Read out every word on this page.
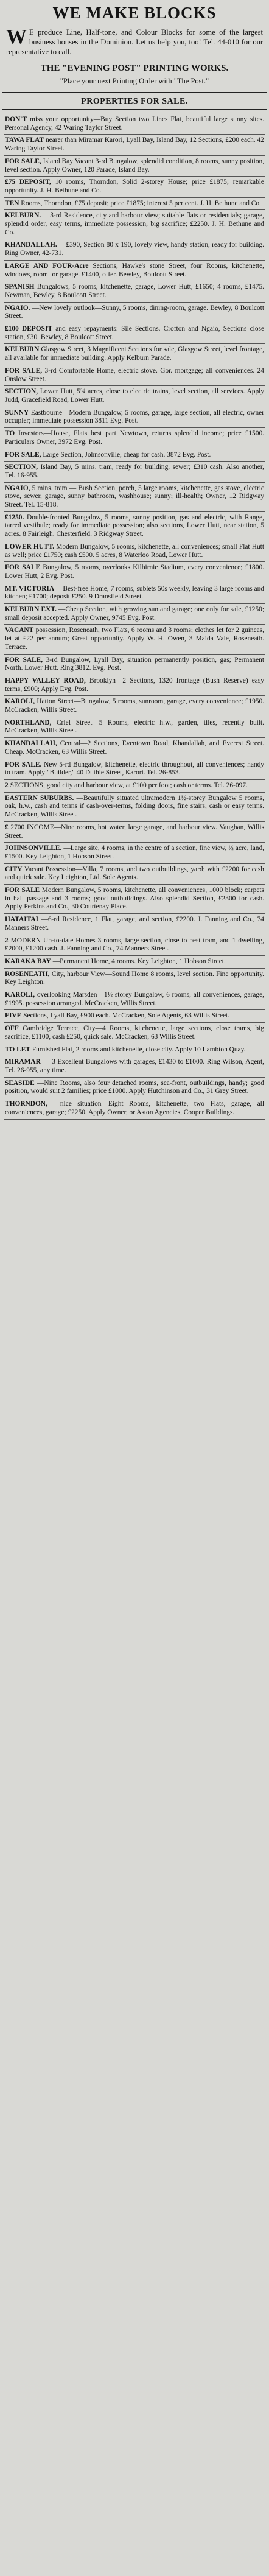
WE MAKE BLOCKS
W E produce Line, Half-tone, and Colour Blocks for some of the largest business houses in the Dominion. Let us help you, too! Tel. 44-010 for our representative to call.
THE "EVENING POST" PRINTING WORKS.
"Place your next Printing Order with "The Post."
PROPERTIES FOR SALE.
DON'T miss your opportunity—Buy Section two Lines Flat, beautiful large sunny sites. Personal Agency, 42 Waring Taylor Street.
TAWA FLAT nearer than Miramar Karori, Lyall Bay, Island Bay, 12 Sections, £200 each. 42 Waring Taylor Street.
FOR SALE, Island Bay Vacant 3-rd Bungalow, splendid condition, 8 rooms, sunny position, level section. Apply Owner, 120 Parade, Island Bay.
£75 DEPOSIT, 10 rooms, Thorndon, Solid 2-storey House; price £1875; remarkable opportunity. J. H. Bethune and Co.
TEN Rooms, Thorndon, £75 deposit; price £1875; interest 5 per cent. J. H. Bethune and Co.
KELBURN. —3-rd Residence, city and harbour view; suitable flats or residentials; garage, splendid order, easy terms, immediate possession, big sacrifice; £2250. J. H. Bethune and Co.
KHANDALLAH. —£390, Section 80 x 190, lovely view, handy station, ready for building. Ring Owner, 42-731.
LARGE AND FOUR-Acre Sections, Hawke's stone Street, four Rooms, kitchenette, windows, room for garage. £1400, offer. Bewley, Boulcott Street.
SPANISH Bungalows, 5 rooms, kitchenette, garage, Lower Hutt, £1650; 4 rooms, £1475. Newman, Bewley, 8 Boulcott Street.
NGAIO. —New lovely outlook—Sunny, 5 rooms, dining-room, garage. Bewley, 8 Boulcott Street.
£100 DEPOSIT and easy repayments: Sile Sections. Crofton and Ngaio, Sections close station, £30. Bewley, 8 Boulcott Street.
KELBURN Glasgow Street, 3 Magnificent Sections for sale, Glasgow Street, level frontage, all available for immediate building. Apply Kelburn Parade.
FOR SALE, 3-rd Comfortable Home, electric stove. Gor. mortgage; all conveniences. 24 Onslow Street.
SECTION, Lower Hutt, 5¾ acres, close to electric trains, level section, all services. Apply Judd, Gracefield Road, Lower Hutt.
SUNNY Eastbourne—Modern Bungalow, 5 rooms, garage, large section, all electric, owner occupier; immediate possession 3811 Evg. Post.
TO Investors—House, Flats best part Newtown, returns splendid income; price £1500. Particulars Owner, 3972 Evg. Post.
FOR SALE, Large Section, Johnsonville, cheap for cash. 3872 Evg. Post.
SECTION, Island Bay, 5 mins. tram, ready for building, sewer; £310 cash. Also another, Tel. 16-955.
NGAIO, 5 mins. tram — Bush Section, porch, 5 large rooms, kitchenette, gas stove, electric stove, sewer, garage, sunny bathroom, washhouse; sunny; ill-health; Owner, 12 Ridgway Street. Tel. 15-818.
£1250. Double-fronted Bungalow, 5 rooms, sunny position, gas and electric, with Range, tarred vestibule; ready for immediate possession; also sections, Lower Hutt, near station, 5 acres. 8 Fairleigh. Chesterfield. 3 Ridgway Street.
LOWER HUTT. Modern Bungalow, 5 rooms, kitchenette, all conveniences; small Flat Hutt as well; price £1750; cash £500. 5 acres, 8 Waterloo Road, Lower Hutt.
FOR SALE Bungalow, 5 rooms, overlooks Kilbirnie Stadium, every convenience; £1800. Lower Hutt, 2 Evg. Post.
MT. VICTORIA —Best-free Home, 7 rooms, sublets 50s weekly, leaving 3 large rooms and kitchen; £1700; deposit £250. 9 Dransfield Street.
KELBURN EXT. —Cheap Section, with growing sun and garage; one only for sale, £1250; small deposit accepted. Apply Owner, 9745 Evg. Post.
VACANT possession, Roseneath, two Flats, 6 rooms and 3 rooms; clothes let for 2 guineas, let at £22 per annum; Great opportunity. Apply W. H. Owen, 3 Maida Vale, Roseneath. Terrace.
FOR SALE, 3-rd Bungalow, Lyall Bay, situation permanently position, gas; Permanent North. Lower Hutt. Ring 3812. Evg. Post.
HAPPY VALLEY ROAD, Brooklyn—2 Sections, 1320 frontage (Bush Reserve) easy terms, £900; Apply Evg. Post.
KAROLI, Hatton Street—Bungalow, 5 rooms, sunroom, garage, every convenience; £1950. McCracken, Willis Street.
NORTHLAND, Crief Street—5 Rooms, electric h.w., garden, tiles, recently built. McCracken, Willis Street.
KHANDALLAH, Central—2 Sections, Eventown Road, Khandallah, and Everest Street. Cheap. McCracken, 63 Willis Street.
FOR SALE. New 5-rd Bungalow, kitchenette, electric throughout, all conveniences; handy to tram. Apply "Builder," 40 Duthie Street, Karori. Tel. 26-853.
2 SECTIONS, good city and harbour view, at £100 per foot; cash or terms. Tel. 26-097.
EASTERN SUBURBS. —Beautifully situated ultramodern 1½-storey Bungalow 5 rooms, oak, h.w., cash and terms if cash-over-terms, folding doors, fine stairs, cash or easy terms. McCracken, Willis Street.
£ 2700 INCOME—Nine rooms, hot water, large garage, and harbour view. Vaughan, Willis Street.
JOHNSONVILLE. —Large site, 4 rooms, in the centre of a section, fine view, ½ acre, land, £1500. Key Leighton, 1 Hobson Street.
CITY Vacant Possession—Villa, 7 rooms, and two outbuildings, yard; with £2200 for cash and quick sale. Key Leighton, Ltd. Sole Agents.
FOR SALE Modern Bungalow, 5 rooms, kitchenette, all conveniences, 1000 block; carpets in hall passage and 3 rooms; good outbuildings. Also splendid Section, £2300 for cash. Apply Perkins and Co., 30 Courtenay Place.
HATAITAI —6-rd Residence, 1 Flat, garage, and section, £2200. J. Fanning and Co., 74 Manners Street.
2 MODERN Up-to-date Homes 3 rooms, large section, close to best tram, and 1 dwelling, £2000, £1200 cash. J. Fanning and Co., 74 Manners Street.
KARAKA BAY —Permanent Home, 4 rooms. Key Leighton, 1 Hobson Street.
ROSENEATH, City, harbour View—Sound Home 8 rooms, level section. Fine opportunity. Key Leighton.
KAROLI, overlooking Marsden—1½ storey Bungalow, 6 rooms, all conveniences, garage, £1995. possession arranged. McCracken, Willis Street.
FIVE Sections, Lyall Bay, £900 each. McCracken, Sole Agents, 63 Willis Street.
OFF Cambridge Terrace, City—4 Rooms, kitchenette, large sections, close trams, big sacrifice, £1100, cash £250, quick sale. McCracken, 63 Willis Street.
TO LET Furnished Flat, 2 rooms and kitchenette, close city. Apply 10 Lambton Quay.
MIRAMAR — 3 Excellent Bungalows with garages, £1430 to £1000. Ring Wilson, Agent, Tel. 26-955, any time.
SEASIDE —Nine Rooms, also four detached rooms, sea-front, outbuildings, handy; good position, would suit 2 families; price £1000. Apply Hutchinson and Co., 31 Grey Street.
THORNDON, —nice situation—Eight Rooms, kitchenette, two Flats, garage, all conveniences, garage; £2250. Apply Owner, or Aston Agencies, Cooper Buildings.
